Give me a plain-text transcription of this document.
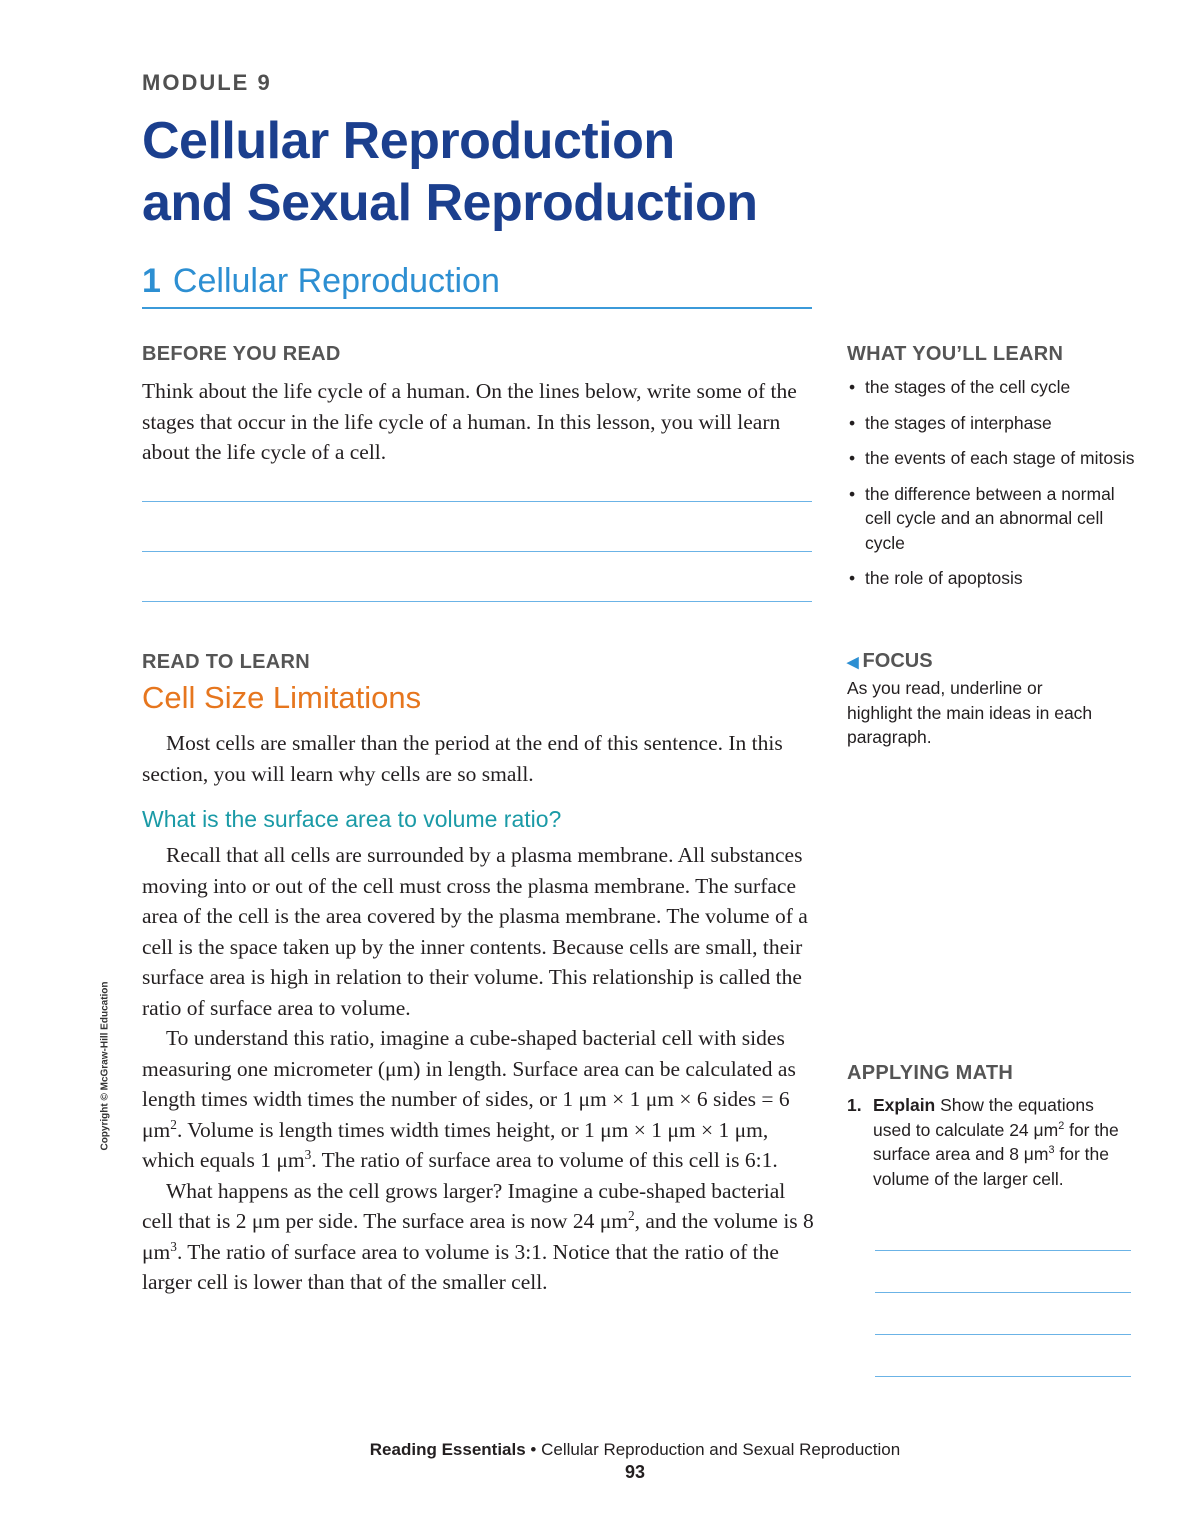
MODULE 9
Cellular Reproduction
and Sexual Reproduction
1 Cellular Reproduction
BEFORE YOU READ
Think about the life cycle of a human. On the lines below, write some of the stages that occur in the life cycle of a human. In this lesson, you will learn about the life cycle of a cell.
WHAT YOU’LL LEARN
• the stages of the cell cycle
• the stages of interphase
• the events of each stage of mitosis
• the difference between a normal cell cycle and an abnormal cell cycle
• the role of apoptosis
READ TO LEARN
Cell Size Limitations

Most cells are smaller than the period at the end of this sentence. In this section, you will learn why cells are so small.

What is the surface area to volume ratio?

Recall that all cells are surrounded by a plasma membrane. All substances moving into or out of the cell must cross the plasma membrane. The surface area of the cell is the area covered by the plasma membrane. The volume of a cell is the space taken up by the inner contents. Because cells are small, their surface area is high in relation to their volume. This relationship is called the ratio of surface area to volume.

To understand this ratio, imagine a cube-shaped bacterial cell with sides measuring one micrometer (μm) in length. Surface area can be calculated as length times width times the number of sides, or 1 μm × 1 μm × 6 sides = 6 $\mu m^2$. Volume is length times width times height, or 1 μm × 1 μm × 1 μm, which equals 1 $\mu m^3$. The ratio of surface area to volume of this cell is 6:1.

What happens as the cell grows larger? Imagine a cube-shaped bacterial cell that is 2 μm per side. The surface area is now 24 $\mu m^2$, and the volume is 8 $\mu m^3$. The ratio of surface area to volume is 3:1. Notice that the ratio of the larger cell is lower than that of the smaller cell.

◀ FOCUS
As you read, underline or highlight the main ideas in each paragraph.
APPLYING MATH
1. Explain Show the equations used to calculate 24 $\mu m^2$ for the surface area and 8 $\mu m^3$ for the volume of the larger cell.
Copyright © McGraw-Hill Education
Reading Essentials • Cellular Reproduction and Sexual Reproduction
93
